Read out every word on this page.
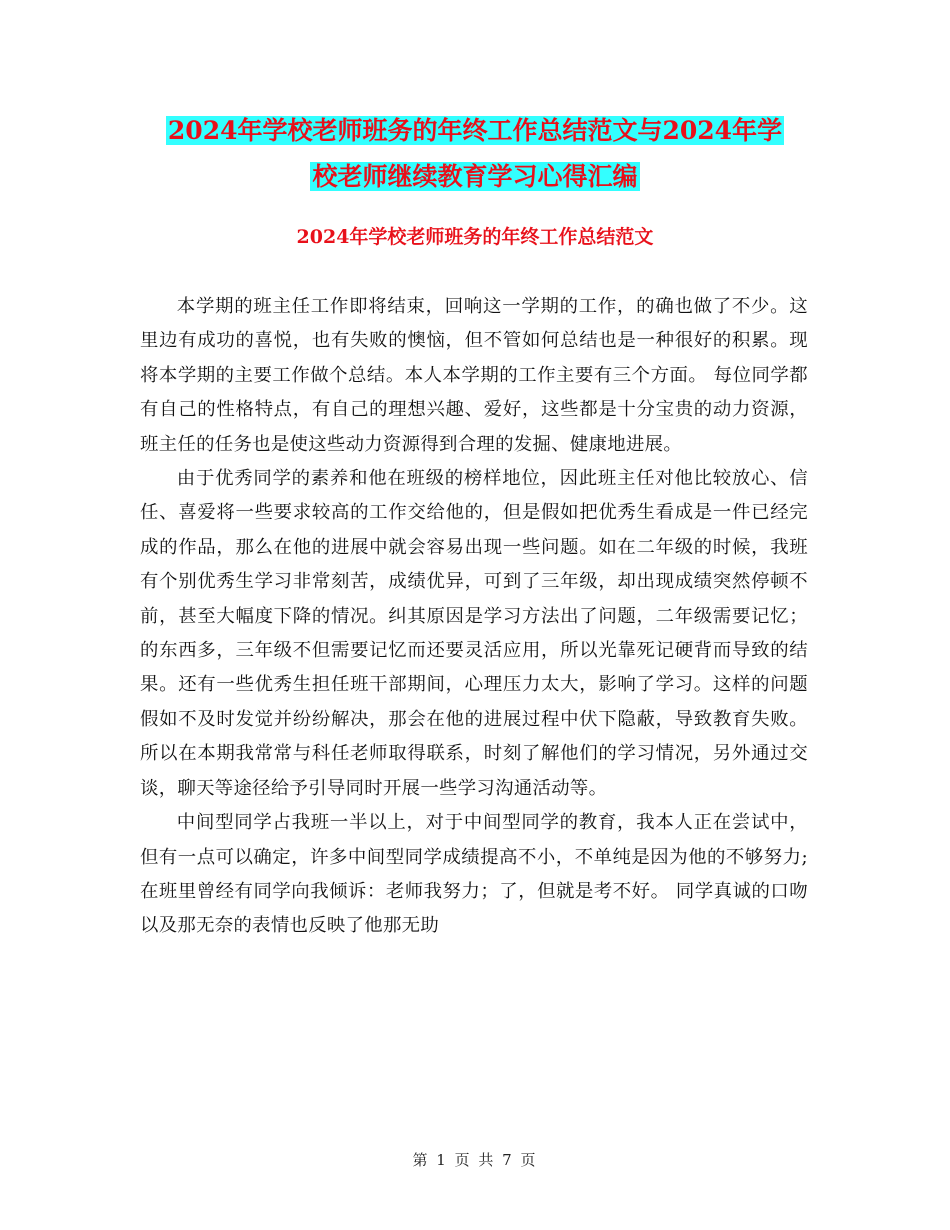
2024年学校老师班务的年终工作总结范文与2024年学
校老师继续教育学习心得汇编
2024年学校老师班务的年终工作总结范文

本学期的班主任工作即将结束，回响这一学期的工作，的确也做了不少。这里边有成功的喜悦，也有失败的懊恼，但不管如何总结也是一种很好的积累。现将本学期的主要工作做个总结。本人本学期的工作主要有三个方面。 每位同学都有自己的性格特点，有自己的理想兴趣、爱好，这些都是十分宝贵的动力资源，班主任的任务也是使这些动力资源得到合理的发掘、健康地进展。

由于优秀同学的素养和他在班级的榜样地位，因此班主任对他比较放心、信任、喜爱将一些要求较高的工作交给他的，但是假如把优秀生看成是一件已经完成的作品，那么在他的进展中就会容易出现一些问题。如在二年级的时候，我班有个别优秀生学习非常刻苦，成绩优异，可到了三年级，却出现成绩突然停顿不前，甚至大幅度下降的情况。纠其原因是学习方法出了问题，二年级需要记忆；的东西多，三年级不但需要记忆而还要灵活应用，所以光靠死记硬背而导致的结果。还有一些优秀生担任班干部期间，心理压力太大，影响了学习。这样的问题假如不及时发觉并纷纷解决，那会在他的进展过程中伏下隐蔽，导致教育失败。所以在本期我常常与科任老师取得联系，时刻了解他们的学习情况，另外通过交谈，聊天等途径给予引导同时开展一些学习沟通活动等。

中间型同学占我班一半以上，对于中间型同学的教育，我本人正在尝试中，但有一点可以确定，许多中间型同学成绩提高不小，不单纯是因为他的不够努力;在班里曾经有同学向我倾诉：老师我努力；了，但就是考不好。 同学真诚的口吻以及那无奈的表情也反映了他那无助

第 1 页 共 7 页
